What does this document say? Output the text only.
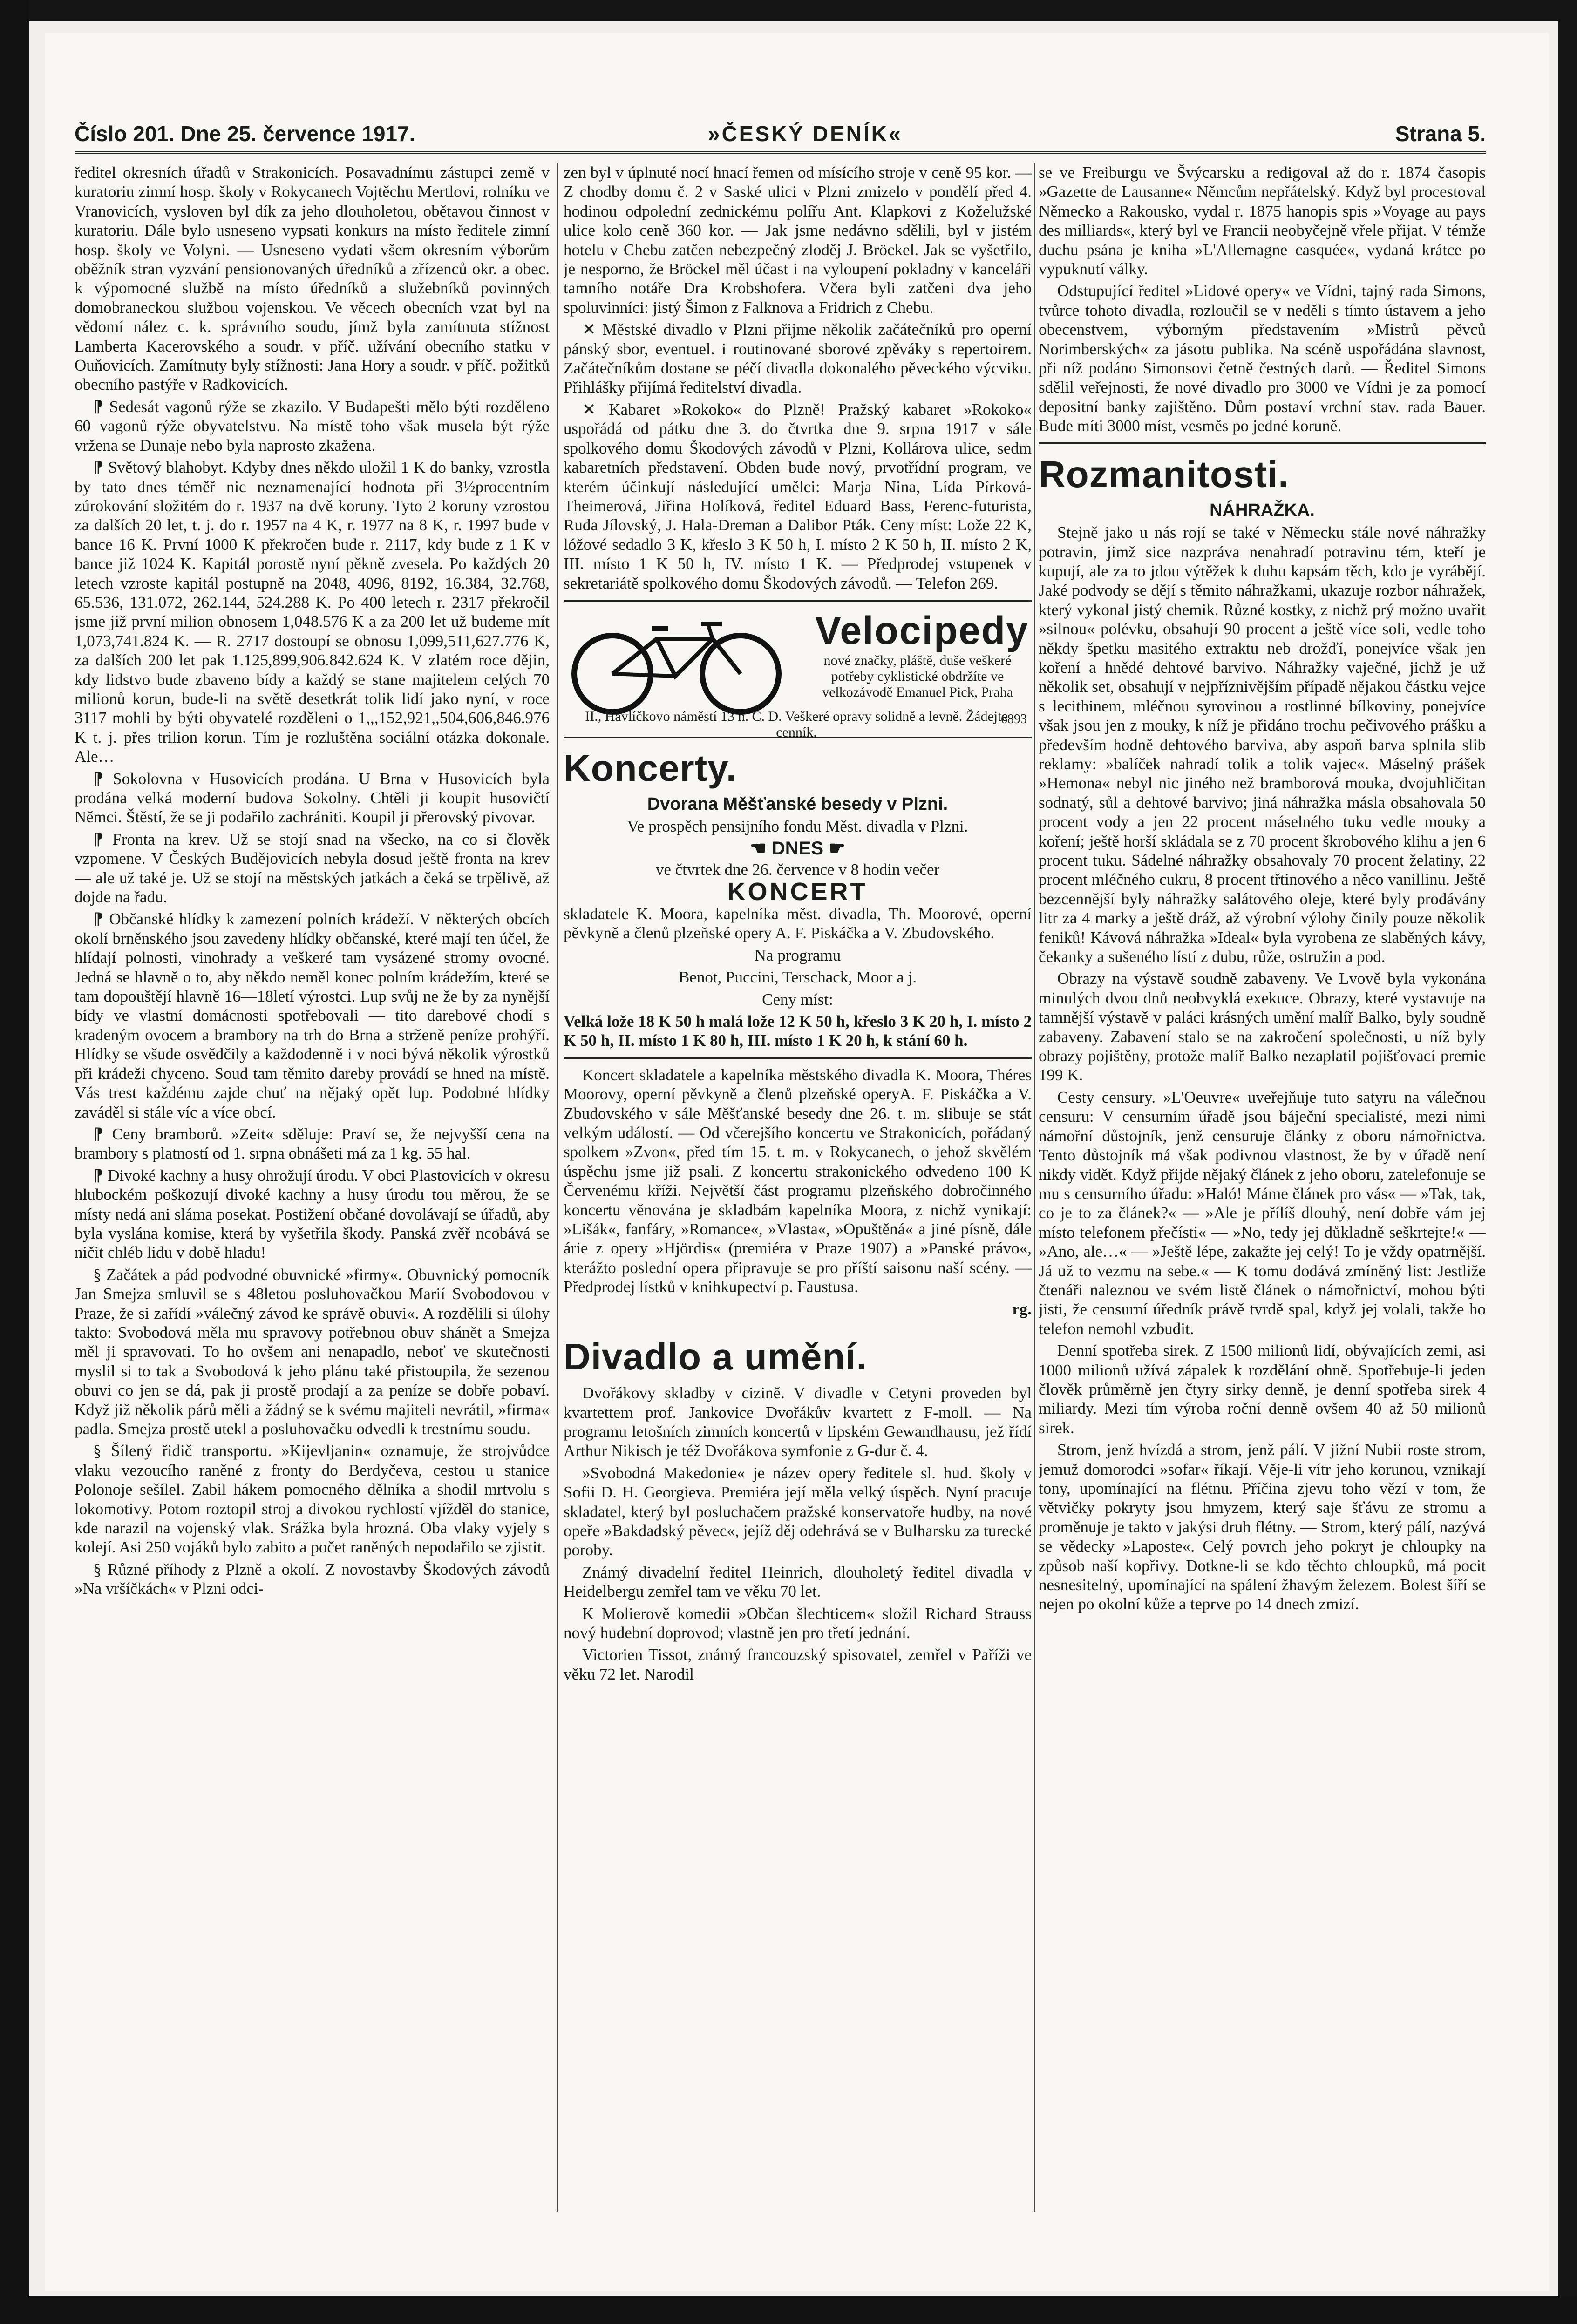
Číslo 201. Dne 25. července 1917.	»ČESKÝ DENÍK«	Strana 5.

ředitel okresních úřadů v Strakonicích. Posavadnímu zástupci země v kuratoriu zimní hosp. školy v Rokycanech Vojtěchu Mertlovi, rolníku ve Vranovicích, vysloven byl dík za jeho dlouholetou, obětavou činnost v kuratoriu. Dále bylo usneseno vypsati konkurs na místo ředitele zimní hosp. školy ve Volyni. — Usneseno vydati všem okresním výborům oběžník stran vyzvání pensionovaných úředníků a zřízenců okr. a obec. k výpomocné službě na místo úředníků a služebníků povinných domobraneckou službou vojenskou. Ve věcech obecních vzat byl na vědomí nález c. k. správního soudu, jímž byla zamítnuta stížnost Lamberta Kacerovského a soudr. v příč. užívání obecního statku v Ouňovicích. Zamítnuty byly stížnosti: Jana Hory a soudr. v příč. požitků obecního pastýře v Radkovicích.

⁋ Sedesát vagonů rýže se zkazilo. V Budapešti mělo býti rozděleno 60 vagonů rýže obyvatelstvu. Na místě toho však musela být rýže vržena se Dunaje nebo byla naprosto zkažena.

⁋ Světový blahobyt. Kdyby dnes někdo uložil 1 K do banky, vzrostla by tato dnes téměř nic neznamenající hodnota při 3½procentním zúrokování složitém do r. 1937 na dvě koruny. Tyto 2 koruny vzrostou za dalších 20 let, t. j. do r. 1957 na 4 K, r. 1977 na 8 K, r. 1997 bude v bance 16 K. První 1000 K překročen bude r. 2117, kdy bude z 1 K v bance již 1024 K. Kapitál porostě nyní pěkně zvesela. Po každých 20 letech vzroste kapitál postupně na 2048, 4096, 8192, 16.384, 32.768, 65.536, 131.072, 262.144, 524.288 K. Po 400 letech r. 2317 překročil jsme již první milion obnosem 1,048.576 K a za 200 let už budeme mít 1,073,741.824 K. — R. 2717 dostoupí se obnosu 1,099,511,627.776 K, za dalších 200 let pak 1.125,899,906.842.624 K. V zlatém roce dějin, kdy lidstvo bude zbaveno bídy a každý se stane majitelem celých 70 milionů korun, bude-li na světě desetkrát tolik lidí jako nyní, v roce 3117 mohli by býti obyvatelé rozděleni o 1,,,152,921,,504,606,846.976 K t. j. přes trilion korun. Tím je rozluštěna sociální otázka dokonale. Ale…

⁋ Sokolovna v Husovicích prodána. U Brna v Husovicích byla prodána velká moderní budova Sokolny. Chtěli ji koupit husovičtí Němci. Štěstí, že se ji podařilo zachrániti. Koupil ji přerovský pivovar.

⁋ Fronta na krev. Už se stojí snad na všecko, na co si člověk vzpomene. V Českých Budějovicích nebyla dosud ještě fronta na krev — ale už také je. Už se stojí na městských jatkách a čeká se trpělivě, až dojde na řadu.

⁋ Občanské hlídky k zamezení polních krádeží. V některých obcích okolí brněnského jsou zavedeny hlídky občanské, které mají ten účel, že hlídají polnosti, vinohrady a veškeré tam vysázené stromy ovocné. Jedná se hlavně o to, aby někdo neměl konec polním krádežím, které se tam dopouštějí hlavně 16—18letí výrostci. Lup svůj ne že by za nynější bídy ve vlastní domácnosti spotřebovali — tito darebové chodí s kradeným ovocem a brambory na trh do Brna a strženě peníze prohýří. Hlídky se všude osvědčily a každodenně i v noci bývá několik výrostků při krádeži chyceno. Soud tam těmito dareby provádí se hned na místě. Vás trest každému zajde chuť na nějaký opět lup. Podobné hlídky zaváděl si stále víc a více obcí.

⁋ Ceny bramborů. »Zeit« sděluje: Praví se, že nejvyšší cena na brambory s platností od 1. srpna obnášeti má za 1 kg. 55 hal.

⁋ Divoké kachny a husy ohrožují úrodu. V obci Plastovicích v okresu hlubockém poškozují divoké kachny a husy úrodu tou měrou, že se místy nedá ani sláma posekat. Postižení občané dovolávají se úřadů, aby byla vyslána komise, která by vyšetřila škody. Panská zvěř ncobává se ničit chléb lidu v době hladu!

§ Začátek a pád podvodné obuvnické »firmy«. Obuvnický pomocník Jan Smejza smluvil se s 48letou posluhovačkou Marií Svobodovou v Praze, že si zařídí »válečný závod ke správě obuvi«. A rozdělili si úlohy takto: Svobodová měla mu spravovy potřebnou obuv shánět a Smejza měl ji spravovati. To ho ovšem ani nenapadlo, neboť ve skutečnosti myslil si to tak a Svobodová k jeho plánu také přistoupila, že sezenou obuvi co jen se dá, pak ji prostě prodají a za peníze se dobře pobaví. Když již několik párů měli a žádný se k svému majiteli nevrátil, »firma« padla. Smejza prostě utekl a posluhovačku odvedli k trestnímu soudu.

§ Šílený řidič transportu. »Kijevljanin« oznamuje, že strojvůdce vlaku vezoucího raněné z fronty do Berdyčeva, cestou u stanice Polonoje sešílel. Zabil hákem pomocného dělníka a shodil mrtvolu s lokomotivy. Potom roztopil stroj a divokou rychlostí vjížděl do stanice, kde narazil na vojenský vlak. Srážka byla hrozná. Oba vlaky vyjely s kolejí. Asi 250 vojáků bylo zabito a počet raněných nepodařilo se zjistit.

§ Různé příhody z Plzně a okolí. Z novostavby Škodových závodů »Na vršíčkách« v Plzni odci-

zen byl v úplnuté nocí hnací řemen od mísícího stroje v ceně 95 kor. — Z chodby domu č. 2 v Saské ulici v Plzni zmizelo v pondělí před 4. hodinou odpolední zednickému polířu Ant. Klapkovi z Koželužské ulice kolo ceně 360 kor. — Jak jsme nedávno sdělili, byl v jistém hotelu v Chebu zatčen nebezpečný zloděj J. Bröckel. Jak se vyšetřilo, je nesporno, že Bröckel měl účast i na vyloupení pokladny v kanceláři tamního notáře Dra Krobshofera. Včera byli zatčeni dva jeho spoluvinníci: jistý Šimon z Falknova a Fridrich z Chebu.

✕ Městské divadlo v Plzni přijme několik začátečníků pro operní pánský sbor, eventuel. i routinované sborové zpěváky s repertoirem. Začátečníkům dostane se péčí divadla dokonalého pěveckého výcviku. Přihlášky přijímá ředitelství divadla.

✕ Kabaret »Rokoko« do Plzně! Pražský kabaret »Rokoko« uspořádá od pátku dne 3. do čtvrtka dne 9. srpna 1917 v sále spolkového domu Škodových závodů v Plzni, Kollárova ulice, sedm kabaretních představení. Obden bude nový, prvotřídní program, ve kterém účinkují následující umělci: Marja Nina, Lída Pírková-Theimerová, Jiřina Holíková, ředitel Eduard Bass, Ferenc-futurista, Ruda Jílovský, J. Hala-Dreman a Dalibor Pták. Ceny míst: Lože 22 K, lóžové sedadlo 3 K, křeslo 3 K 50 h, I. místo 2 K 50 h, II. místo 2 K, III. místo 1 K 50 h, IV. místo 1 K. — Předprodej vstupenek v sekretariátě spolkového domu Škodových závodů. — Telefon 269.

Velocipedy
nové značky, pláště, duše veškeré potřeby cyklistické obdržíte ve velkozávodě Emanuel Pick, Praha
II., Havlíčkovo náměstí 13 n. C. D. Veškeré opravy solidně a levně. Žádejte cenník.
6893
Koncerty.

Dvorana Měšťanské besedy v Plzni.

Ve prospěch pensijního fondu Měst. divadla v Plzni.

☚ DNES ☛

ve čtvrtek dne 26. července v 8 hodin večer

KONCERT

skladatele K. Moora, kapelníka měst. divadla, Th. Moorové, operní pěvkyně a členů plzeňské opery A. F. Piskáčka a V. Zbudovského.

Na programu

Benot, Puccini, Terschack, Moor a j.

Ceny míst:

Velká lože 18 K 50 h malá lože 12 K 50 h, křeslo 3 K 20 h, I. místo 2 K 50 h, II. místo 1 K 80 h, III. místo 1 K 20 h, k stání 60 h.

Koncert skladatele a kapelníka městského divadla K. Moora, Théres Moorovy, operní pěvkyně a členů plzeňské operyA. F. Piskáčka a V. Zbudovského v sále Měšťanské besedy dne 26. t. m. slibuje se stát velkým událostí. — Od včerejšího koncertu ve Strakonicích, pořádaný spolkem »Zvon«, před tím 15. t. m. v Rokycanech, o jehož skvělém úspěchu jsme již psali. Z koncertu strakonického odvedeno 100 K Červenému kříži. Největší část programu plzeňského dobročinného koncertu věnována je skladbám kapelníka Moora, z nichž vynikají: »Lišák«, fanfáry, »Romance«, »Vlasta«, »Opuštěná« a jiné písně, dále árie z opery »Hjördis« (premiéra v Praze 1907) a »Panské právo«, kterážto poslední opera připravuje se pro příští saisonu naší scény. — Předprodej lístků v knihkupectví p. Faustusa.

rg.

Divadlo a umění.

Dvořákovy skladby v cizině. V divadle v Cetyni proveden byl kvartettem prof. Jankovice Dvořákův kvartett z F-moll. — Na programu letošních zimních koncertů v lipském Gewandhausu, jež řídí Arthur Nikisch je též Dvořákova symfonie z G-dur č. 4.

»Svobodná Makedonie« je název opery ředitele sl. hud. školy v Sofii D. H. Georgieva. Premiéra její měla velký úspěch. Nyní pracuje skladatel, který byl posluchačem pražské konservatoře hudby, na nové opeře »Bakdadský pěvec«, jejíž děj odehrává se v Bulharsku za turecké poroby.

Známý divadelní ředitel Heinrich, dlouholetý ředitel divadla v Heidelbergu zemřel tam ve věku 70 let.

K Molierově komedii »Občan šlechticem« složil Richard Strauss nový hudební doprovod; vlastně jen pro třetí jednání.

Victorien Tissot, známý francouzský spisovatel, zemřel v Paříži ve věku 72 let. Narodil

se ve Freiburgu ve Švýcarsku a redigoval až do r. 1874 časopis »Gazette de Lausanne« Němcům nepřátelský. Když byl procestoval Německo a Rakousko, vydal r. 1875 hanopis spis »Voyage au pays des milliards«, který byl ve Francii neobyčejně vřele přijat. V témže duchu psána je kniha »L'Allemagne casquée«, vydaná krátce po vypuknutí války.

Odstupující ředitel »Lidové opery« ve Vídni, tajný rada Simons, tvůrce tohoto divadla, rozloučil se v neděli s tímto ústavem a jeho obecenstvem, výborným představením »Mistrů pěvců Norimberských« za jásotu publika. Na scéně uspořádána slavnost, při níž podáno Simonsovi četně čestných darů. — Ředitel Simons sdělil veřejnosti, že nové divadlo pro 3000 ve Vídni je za pomocí depositní banky zajištěno. Dům postaví vrchní stav. rada Bauer. Bude míti 3000 míst, vesměs po jedné koruně.

Rozmanitosti.

NÁHRAŽKA.

Stejně jako u nás rojí se také v Německu stále nové náhražky potravin, jimž sice nazpráva nenahradí potravinu tém, kteří je kupují, ale za to jdou výtěžek k duhu kapsám těch, kdo je vyrábějí. Jaké podvody se dějí s těmito náhražkami, ukazuje rozbor náhražek, který vykonal jistý chemik. Různé kostky, z nichž prý možno uvařit »silnou« polévku, obsahují 90 procent a ještě více soli, vedle toho někdy špetku masitého extraktu neb drožďí, ponejvíce však jen koření a hnědé dehtové barvivo. Náhražky vaječné, jichž je už několik set, obsahují v nejpříznivějším případě nějakou částku vejce s lecithinem, mléčnou syrovinou a rostlinné bílkoviny, ponejvíce však jsou jen z mouky, k níž je přidáno trochu pečivového prášku a především hodně dehtového barviva, aby aspoň barva splnila slib reklamy: »balíček nahradí tolik a tolik vajec«. Máselný prášek »Hemona« nebyl nic jiného než bramborová mouka, dvojuhličitan sodnatý, sůl a dehtové barvivo; jiná náhražka másla obsahovala 50 procent vody a jen 22 procent máselného tuku vedle mouky a koření; ještě horší skládala se z 70 procent škrobového klihu a jen 6 procent tuku. Sádelné náhražky obsahovaly 70 procent želatiny, 22 procent mléčného cukru, 8 procent třtinového a něco vanillinu. Ještě bezcennější byly náhražky salátového oleje, které byly prodávány litr za 4 marky a ještě dráž, až výrobní výlohy činily pouze několik feniků! Kávová náhražka »Ideal« byla vyrobena ze slaběných kávy, čekanky a sušeného lístí z dubu, růže, ostružin a pod.

Obrazy na výstavě soudně zabaveny. Ve Lvově byla vykonána minulých dvou dnů neobvyklá exekuce. Obrazy, které vystavuje na tamnější výstavě v paláci krásných umění malíř Balko, byly soudně zabaveny. Zabavení stalo se na zakročení společnosti, u níž byly obrazy pojištěny, protože malíř Balko nezaplatil pojišťovací premie 199 K.

Cesty censury. »L'Oeuvre« uveřejňuje tuto satyru na válečnou censuru: V censurním úřadě jsou báječní specialisté, mezi nimi námořní důstojník, jenž censuruje články z oboru námořnictva. Tento důstojník má však podivnou vlastnost, že by v úřadě není nikdy vidět. Když přijde nějaký článek z jeho oboru, zatelefonuje se mu s censurního úřadu: »Haló! Máme článek pro vás« — »Tak, tak, co je to za článek?« — »Ale je přílíš dlouhý, není dobře vám jej místo telefonem přečísti« — »No, tedy jej důkladně seškrtejte!« — »Ano, ale…« — »Ještě lépe, zakažte jej celý! To je vždy opatrnější. Já už to vezmu na sebe.« — K tomu dodává zmíněný list: Jestliže čtenáři naleznou ve svém listě článek o námořnictví, mohou býti jisti, že censurní úředník právě tvrdě spal, když jej volali, takže ho telefon nemohl vzbudit.

Denní spotřeba sirek. Z 1500 milionů lidí, obývajících zemi, asi 1000 milionů užívá zápalek k rozdělání ohně. Spotřebuje-li jeden člověk průměrně jen čtyry sirky denně, je denní spotřeba sirek 4 miliardy. Mezi tím výroba roční denně ovšem 40 až 50 milionů sirek.

Strom, jenž hvízdá a strom, jenž pálí. V jižní Nubii roste strom, jemuž domorodci »sofar« říkají. Věje-li vítr jeho korunou, vznikají tony, upomínající na flétnu. Příčina zjevu toho vězí v tom, že větvičky pokryty jsou hmyzem, který saje šťávu ze stromu a proměnuje je takto v jakýsi druh flétny. — Strom, který pálí, nazývá se vědecky »Laposte«. Celý povrch jeho pokryt je chloupky na způsob naší kopřivy. Dotkne-li se kdo těchto chloupků, má pocit nesnesitelný, upomínající na spálení žhavým železem. Bolest šíří se nejen po okolní kůže a teprve po 14 dnech zmizí.
